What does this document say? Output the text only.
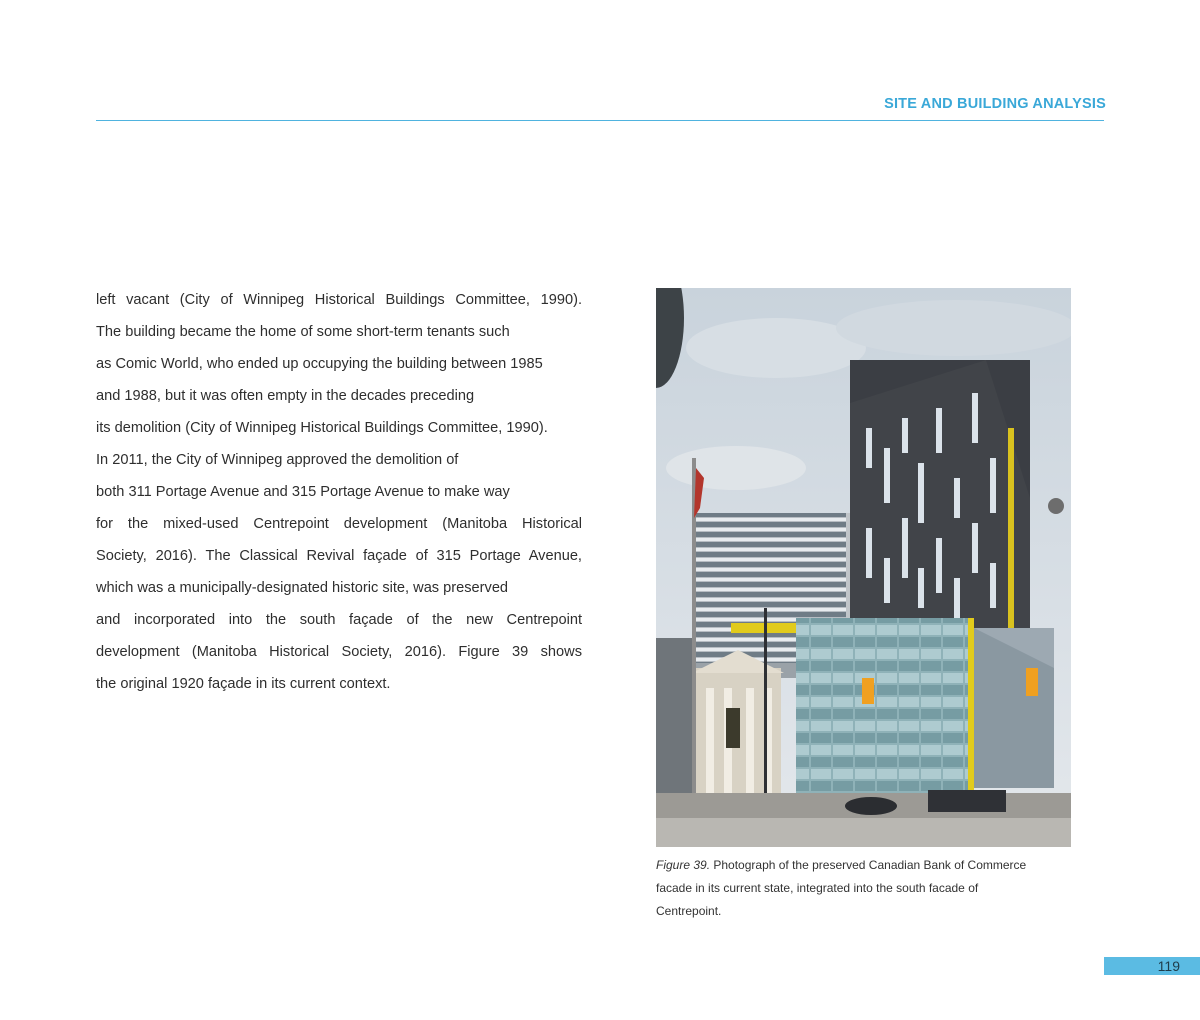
SITE AND BUILDING ANALYSIS
left vacant (City of Winnipeg Historical Buildings Committee, 1990).
The building became the home of some short-term tenants such
as Comic World, who ended up occupying the building between 1985
and 1988, but it was often empty in the decades preceding
its demolition (City of Winnipeg Historical Buildings Committee, 1990).
In 2011, the City of Winnipeg approved the demolition of
both 311 Portage Avenue and 315 Portage Avenue to make way
for the mixed-used Centrepoint development (Manitoba Historical
Society, 2016). The Classical Revival façade of 315 Portage Avenue,
which was a municipally-designated historic site, was preserved
and incorporated into the south façade of the new Centrepoint
development (Manitoba Historical Society, 2016). Figure 39 shows
the original 1920 façade in its current context.
Figure 39. Photograph of the preserved Canadian Bank of Commerce
facade in its current state, integrated into the south facade of
Centrepoint.
119
